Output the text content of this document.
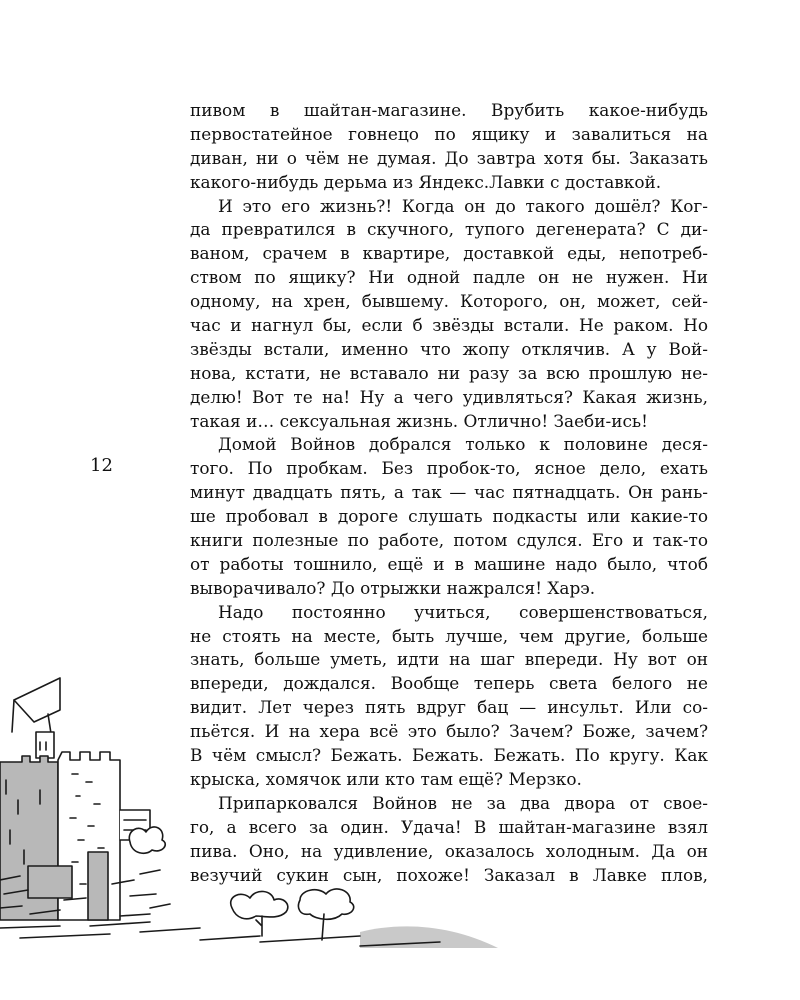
12
пивом в шайтан-магазине. Врубить какое-нибудь
первостатейное говнецо по ящику и завалиться на
диван, ни о чём не думая. До завтра хотя бы. Заказать
какого-нибудь дерьма из Яндекс.Лавки с доставкой.
И это его жизнь?! Когда он до такого дошёл? Ког-
да превратился в скучного, тупого дегенерата? С ди-
ваном, срачем в квартире, доставкой еды, непотреб-
ством по ящику? Ни одной падле он не нужен. Ни
одному, на хрен, бывшему. Которого, он, может, сей-
час и нагнул бы, если б звёзды встали. Не раком. Но
звёзды встали, именно что жопу отклячив. А у Вой-
нова, кстати, не вставало ни разу за всю прошлую не-
делю! Вот те на! Ну а чего удивляться? Какая жизнь,
такая и… сексуальная жизнь. Отлично! Заеби-ись!
Домой Войнов добрался только к половине деся-
того. По пробкам. Без пробок-то, ясное дело, ехать
минут двадцать пять, а так — час пятнадцать. Он рань-
ше пробовал в дороге слушать подкасты или какие-то
книги полезные по работе, потом сдулся. Его и так-то
от работы тошнило, ещё и в машине надо было, чтоб
выворачивало? До отрыжки нажрался! Харэ.
Надо постоянно учиться, совершенствоваться,
не стоять на месте, быть лучше, чем другие, больше
знать, больше уметь, идти на шаг впереди. Ну вот он
впереди, дождался. Вообще теперь света белого не
видит. Лет через пять вдруг бац — инсульт. Или со-
пьётся. И на хера всё это было? Зачем? Боже, зачем?
В чём смысл? Бежать. Бежать. Бежать. По кругу. Как
крыска, хомячок или кто там ещё? Мерзко.
Припарковался Войнов не за два двора от свое-
го, а всего за один. Удача! В шайтан-магазине взял
пива. Оно, на удивление, оказалось холодным. Да он
везучий сукин сын, похоже! Заказал в Лавке плов,
